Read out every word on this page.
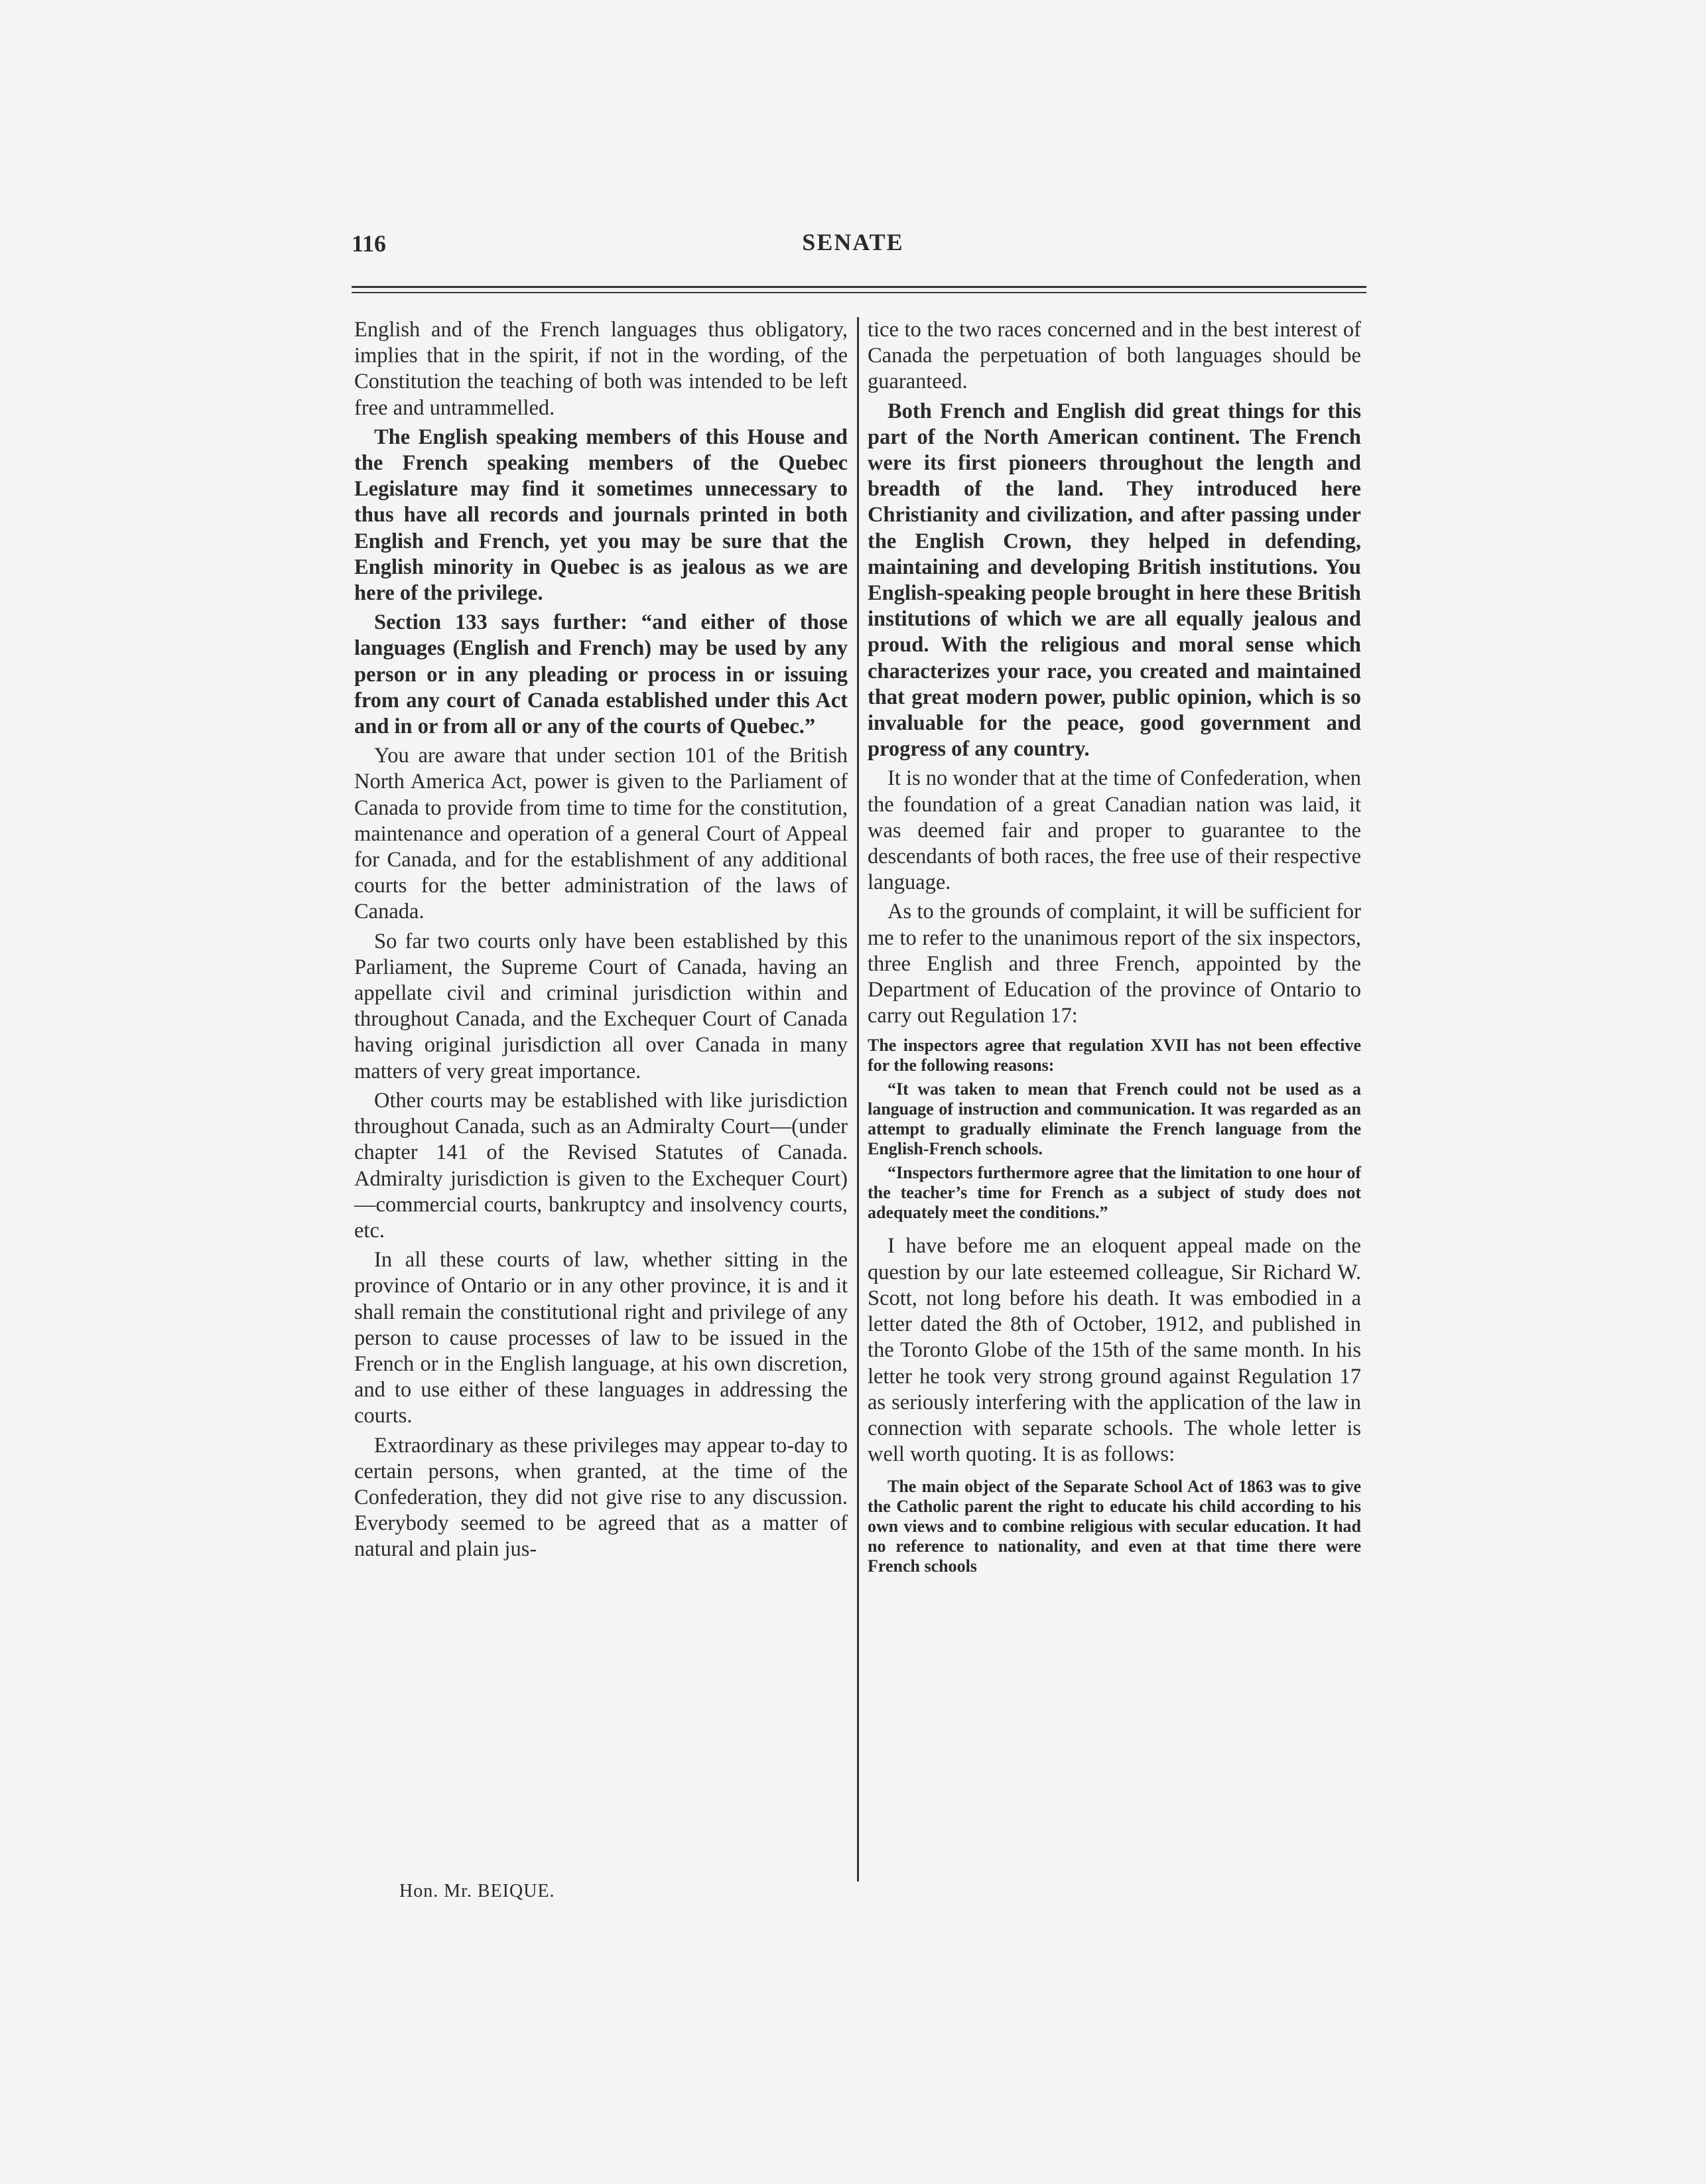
116	SENATE

English and of the French languages thus obligatory, implies that in the spirit, if not in the wording, of the Constitution the teaching of both was intended to be left free and untrammelled.

The English speaking members of this House and the French speaking members of the Quebec Legislature may find it sometimes unnecessary to thus have all records and journals printed in both English and French, yet you may be sure that the English minority in Quebec is as jealous as we are here of the privilege.

Section 133 says further: “and either of those languages (English and French) may be used by any person or in any pleading or process in or issuing from any court of Canada established under this Act and in or from all or any of the courts of Quebec.”

You are aware that under section 101 of the British North America Act, power is given to the Parliament of Canada to provide from time to time for the constitution, maintenance and operation of a general Court of Appeal for Canada, and for the establishment of any additional courts for the better administration of the laws of Canada.

So far two courts only have been established by this Parliament, the Supreme Court of Canada, having an appellate civil and criminal jurisdiction within and throughout Canada, and the Exchequer Court of Canada having original jurisdiction all over Canada in many matters of very great importance.

Other courts may be established with like jurisdiction throughout Canada, such as an Admiralty Court—(under chapter 141 of the Revised Statutes of Canada. Admiralty jurisdiction is given to the Exchequer Court)—commercial courts, bankruptcy and insolvency courts, etc.

In all these courts of law, whether sitting in the province of Ontario or in any other province, it is and it shall remain the constitutional right and privilege of any person to cause processes of law to be issued in the French or in the English language, at his own discretion, and to use either of these languages in addressing the courts.

Extraordinary as these privileges may appear to-day to certain persons, when granted, at the time of the Confederation, they did not give rise to any discussion. Everybody seemed to be agreed that as a matter of natural and plain jus-

tice to the two races concerned and in the best interest of Canada the perpetuation of both languages should be guaranteed.

Both French and English did great things for this part of the North American continent. The French were its first pioneers throughout the length and breadth of the land. They introduced here Christianity and civilization, and after passing under the English Crown, they helped in defending, maintaining and developing British institutions. You English-speaking people brought in here these British institutions of which we are all equally jealous and proud. With the religious and moral sense which characterizes your race, you created and maintained that great modern power, public opinion, which is so invaluable for the peace, good government and progress of any country.

It is no wonder that at the time of Confederation, when the foundation of a great Canadian nation was laid, it was deemed fair and proper to guarantee to the descendants of both races, the free use of their respective language.

As to the grounds of complaint, it will be sufficient for me to refer to the unanimous report of the six inspectors, three English and three French, appointed by the Department of Education of the province of Ontario to carry out Regulation 17:

The inspectors agree that regulation XVII has not been effective for the following reasons:

“It was taken to mean that French could not be used as a language of instruction and communication. It was regarded as an attempt to gradually eliminate the French language from the English-French schools.

“Inspectors furthermore agree that the limitation to one hour of the teacher’s time for French as a subject of study does not adequately meet the conditions.”

I have before me an eloquent appeal made on the question by our late esteemed colleague, Sir Richard W. Scott, not long before his death. It was embodied in a letter dated the 8th of October, 1912, and published in the Toronto Globe of the 15th of the same month. In his letter he took very strong ground against Regulation 17 as seriously interfering with the application of the law in connection with separate schools. The whole letter is well worth quoting. It is as follows:

The main object of the Separate School Act of 1863 was to give the Catholic parent the right to educate his child according to his own views and to combine religious with secular education. It had no reference to nationality, and even at that time there were French schools

Hon. Mr. BEIQUE.
